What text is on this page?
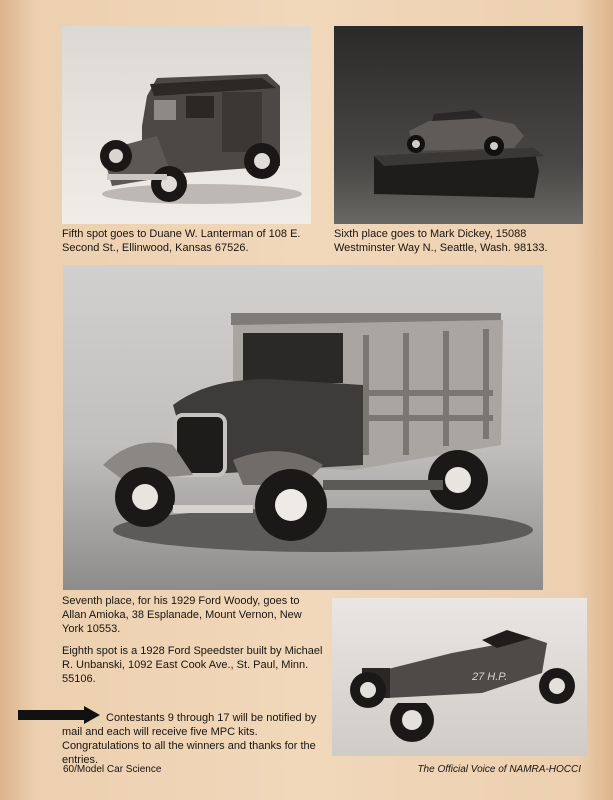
Fifth spot goes to Duane W. Lanterman of 108 E. Second St., Ellinwood, Kansas 67526.

Sixth place goes to Mark Dickey, 15088 Westminster Way N., Seattle, Wash. 98133.

Seventh place, for his 1929 Ford Woody, goes to Allan Amioka, 38 Esplanade, Mount Vernon, New York 10553.

Eighth spot is a 1928 Ford Speedster built by Michael R. Unbanski, 1092 East Cook Ave., St. Paul, Minn. 55106.	27 H.P.

Contestants 9 through 17 will be notified by mail and each will receive five MPC kits. Congratulations to all the winners and thanks for the entries.

60/Model Car Science	The Official Voice of NAMRA-HOCCI
